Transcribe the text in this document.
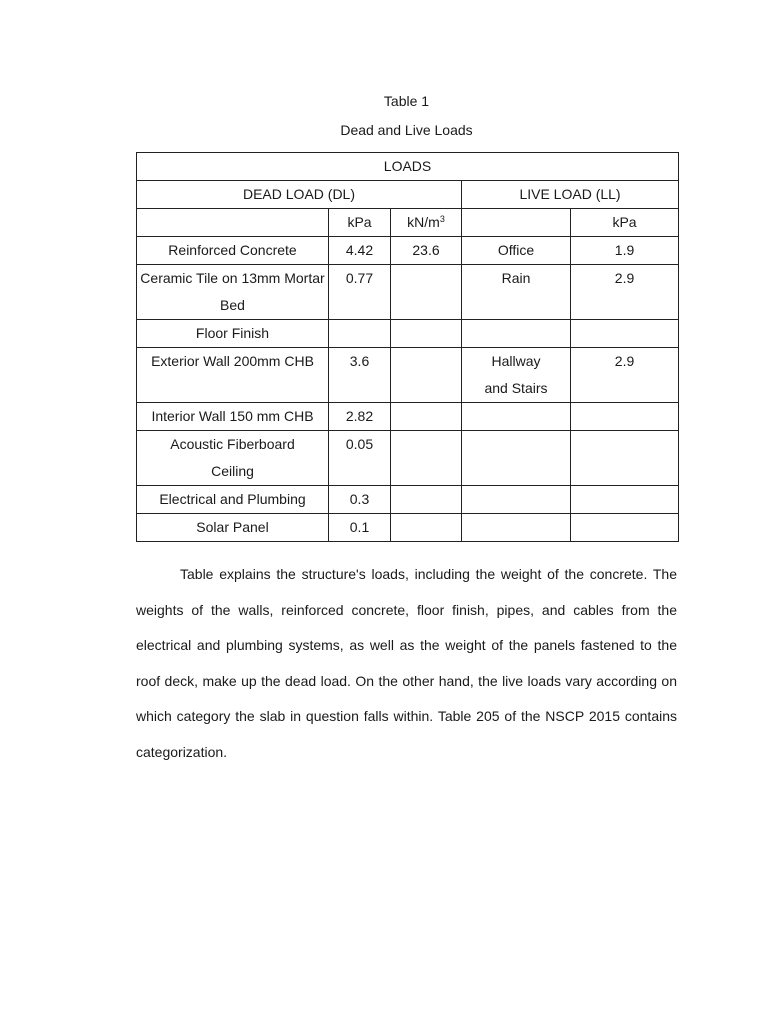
Table 1
Dead and Live Loads
LOADS				
DEAD LOAD (DL)			LIVE LOAD (LL)	
	kPa	$kN/m^3$		kPa
Reinforced Concrete	4.42	23.6	Office	1.9
Ceramic Tile on 13mm Mortar Bed	0.77		Rain	2.9
Floor Finish				
Exterior Wall 200mm CHB	3.6		Hallway and Stairs	2.9
Interior Wall 150 mm CHB	2.82			
Acoustic Fiberboard Ceiling	0.05			
Electrical and Plumbing	0.3			
Solar Panel	0.1			

Table explains the structure's loads, including the weight of the concrete. The weights of the walls, reinforced concrete, floor finish, pipes, and cables from the electrical and plumbing systems, as well as the weight of the panels fastened to the roof deck, make up the dead load. On the other hand, the live loads vary according on which category the slab in question falls within. Table 205 of the NSCP 2015 contains categorization.
